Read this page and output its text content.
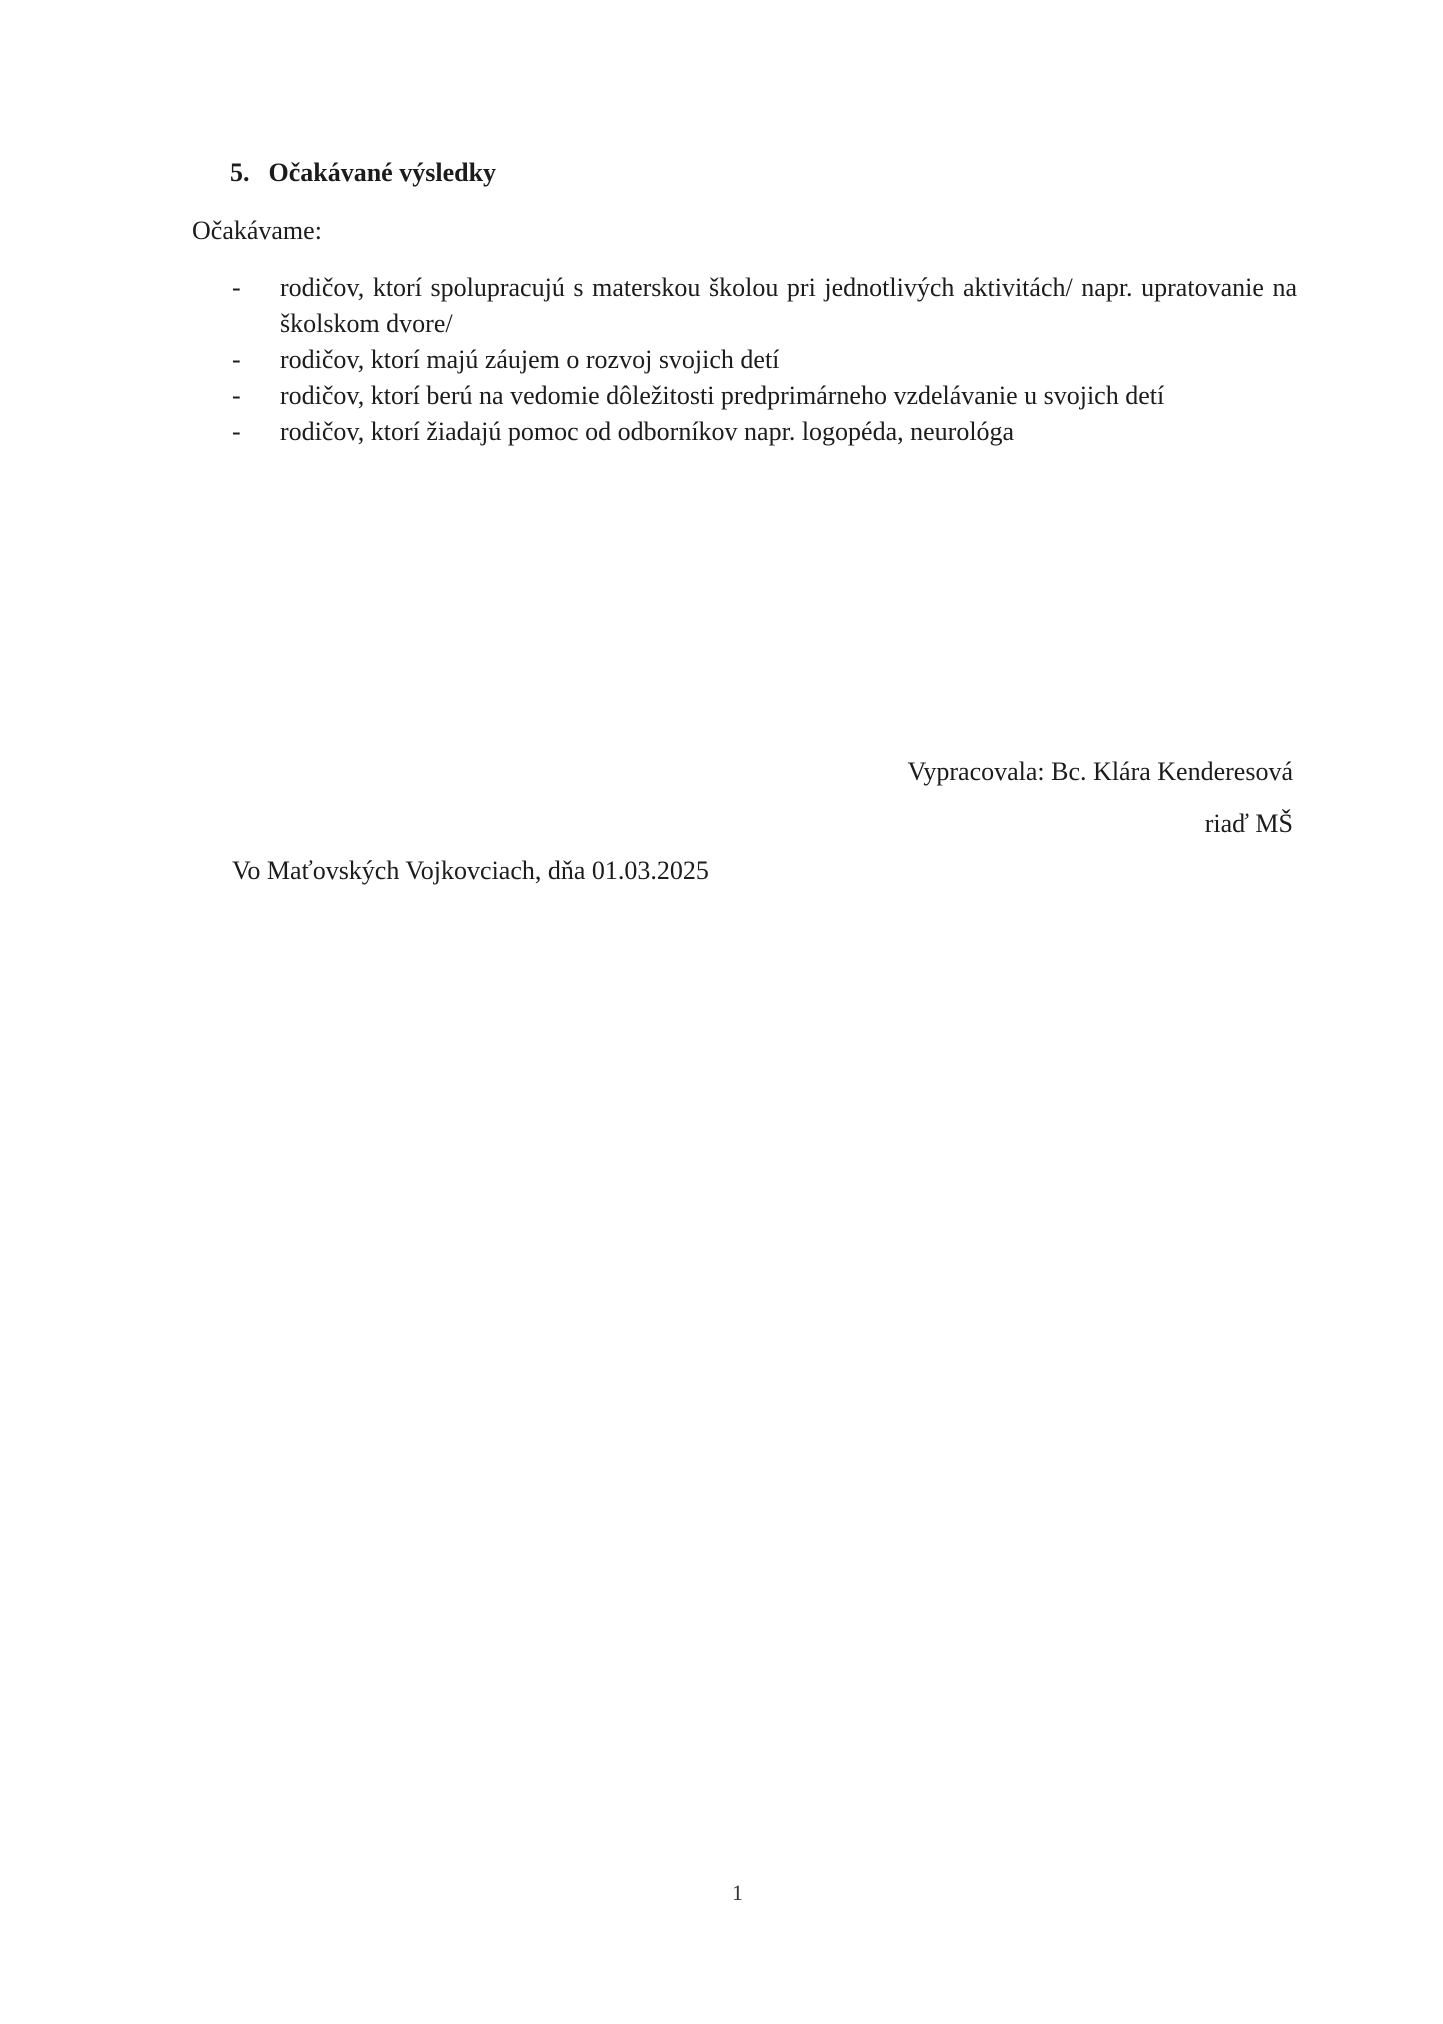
5. Očakávané výsledky
Očakávame:
- rodičov, ktorí spolupracujú s materskou školou pri jednotlivých aktivitách/ napr. upratovanie na školskom dvore/
- rodičov, ktorí majú záujem o rozvoj svojich detí
- rodičov, ktorí berú na vedomie dôležitosti predprimárneho vzdelávanie u svojich detí
- rodičov, ktorí žiadajú pomoc od odborníkov napr. logopéda, neurológa
Vypracovala: Bc. Klára Kenderesová
riaď MŠ
Vo Maťovských Vojkovciach, dňa 01.03.2025
1
